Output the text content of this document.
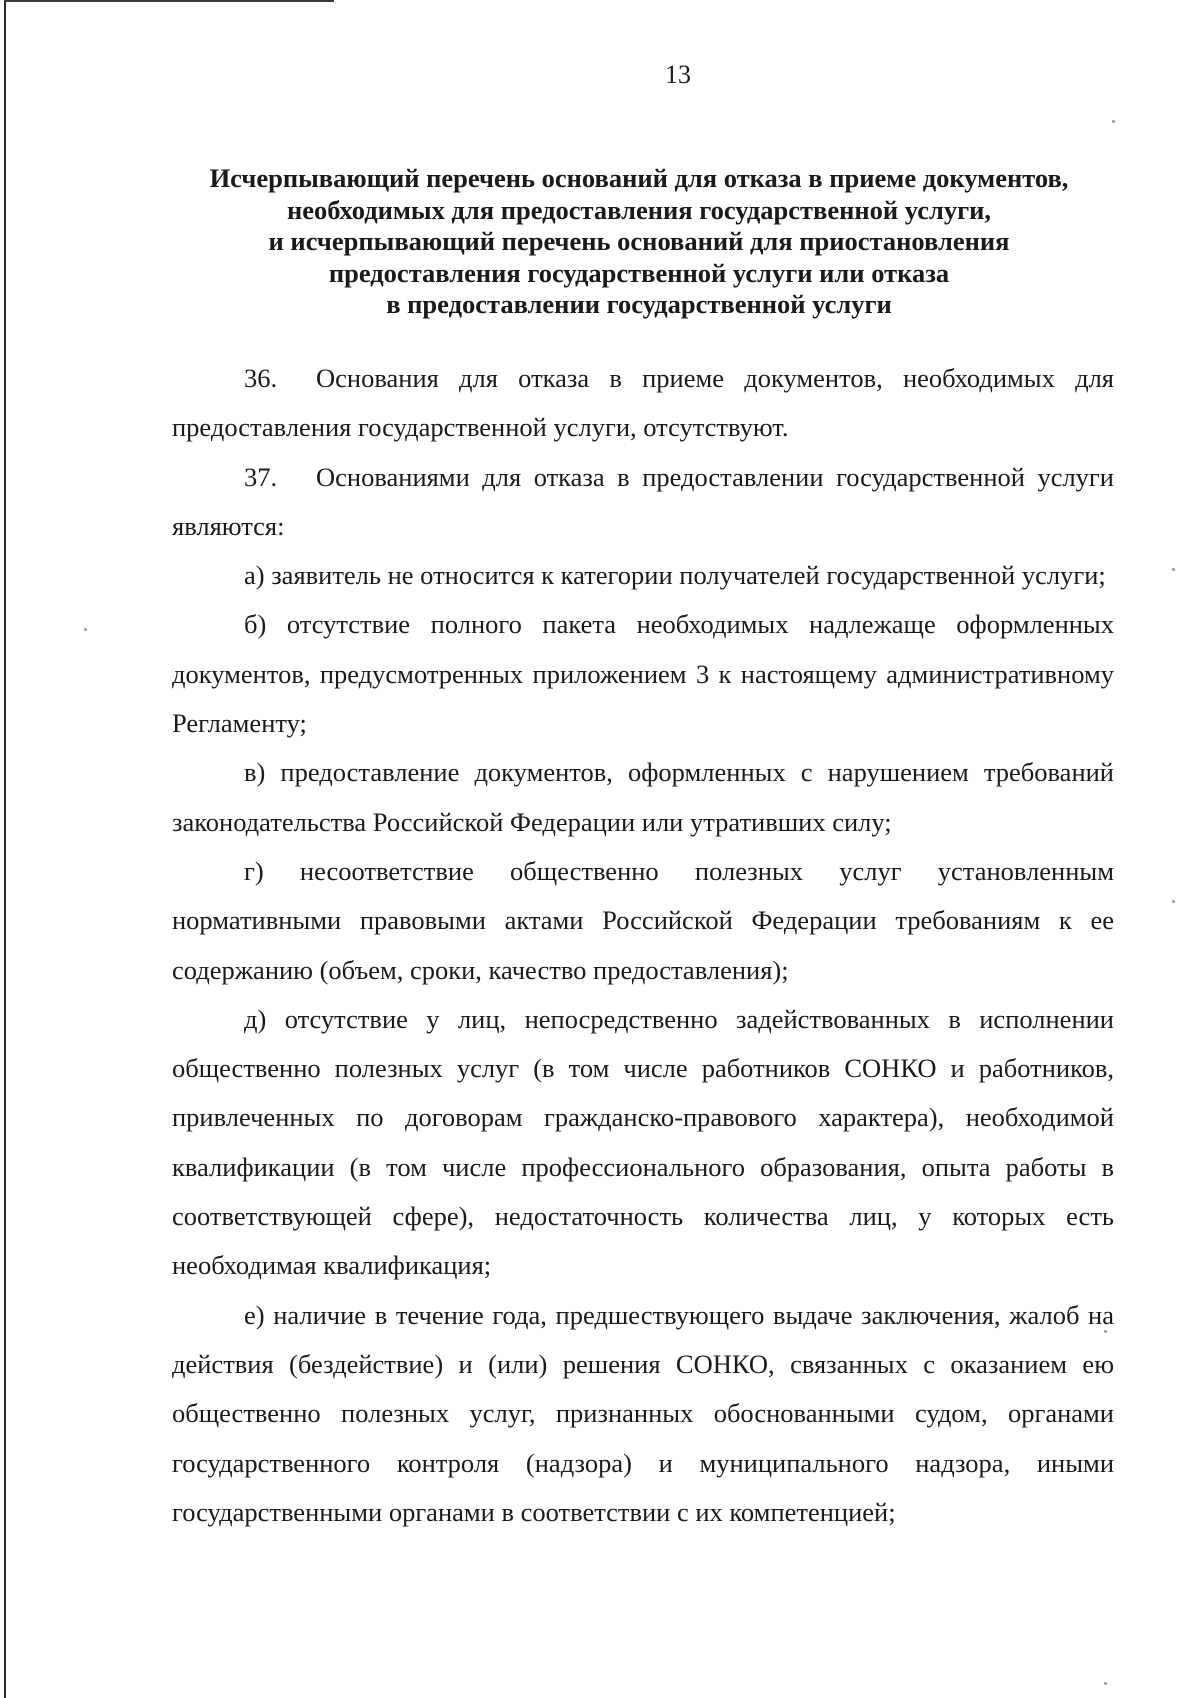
13
Исчерпывающий перечень оснований для отказа в приеме документов,
необходимых для предоставления государственной услуги,
и исчерпывающий перечень оснований для приостановления
предоставления государственной услуги или отказа
в предоставлении государственной услуги

36. Основания для отказа в приеме документов, необходимых для предоставления государственной услуги, отсутствуют.

37. Основаниями для отказа в предоставлении государственной услуги являются:

а) заявитель не относится к категории получателей государственной услуги;

б) отсутствие полного пакета необходимых надлежаще оформленных документов, предусмотренных приложением 3 к настоящему административному Регламенту;

в) предоставление документов, оформленных с нарушением требований законодательства Российской Федерации или утративших силу;

г) несоответствие общественно полезных услуг установленным нормативными правовыми актами Российской Федерации требованиям к ее содержанию (объем, сроки, качество предоставления);

д) отсутствие у лиц, непосредственно задействованных в исполнении общественно полезных услуг (в том числе работников СОНКО и работников, привлеченных по договорам гражданско-правового характера), необходимой квалификации (в том числе профессионального образования, опыта работы в соответствующей сфере), недостаточность количества лиц, у которых есть необходимая квалификация;

е) наличие в течение года, предшествующего выдаче заключения, жалоб на действия (бездействие) и (или) решения СОНКО, связанных с оказанием ею общественно полезных услуг, признанных обоснованными судом, органами государственного контроля (надзора) и муниципального надзора, иными государственными органами в соответствии с их компетенцией;
